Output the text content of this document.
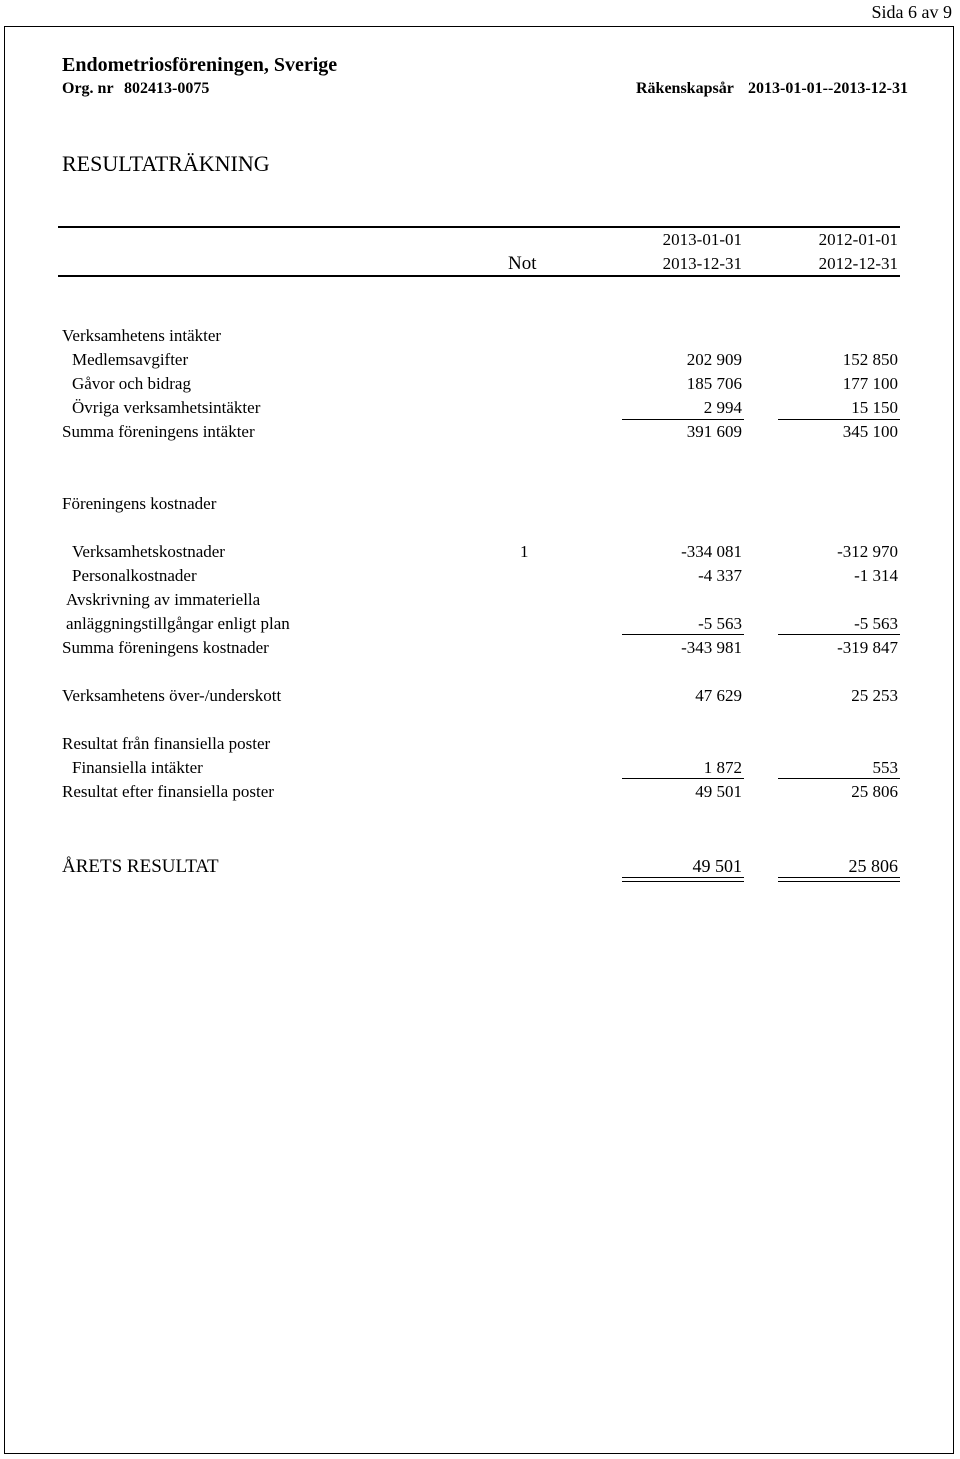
Sida 6 av 9
Endometriosföreningen, Sverige
Org. nr 802413-0075	Räkenskapsår 2013-01-01--2013-12-31
RESULTATRÄKNING
2013-01-01	2012-01-01
Not	2013-12-31	2012-12-31
Verksamhetens intäkter
Medlemsavgifter	202 909	152 850
Gåvor och bidrag	185 706	177 100
Övriga verksamhetsintäkter	2 994	15 150
Summa föreningens intäkter	391 609	345 100
Föreningens kostnader
Verksamhetskostnader	1	-334 081	-312 970
Personalkostnader	-4 337	-1 314
Avskrivning av immateriella
anläggningstillgångar enligt plan	-5 563	-5 563
Summa föreningens kostnader	-343 981	-319 847
Verksamhetens över-/underskott	47 629	25 253
Resultat från finansiella poster
Finansiella intäkter	1 872	553
Resultat efter finansiella poster	49 501	25 806
ÅRETS RESULTAT	49 501	25 806
